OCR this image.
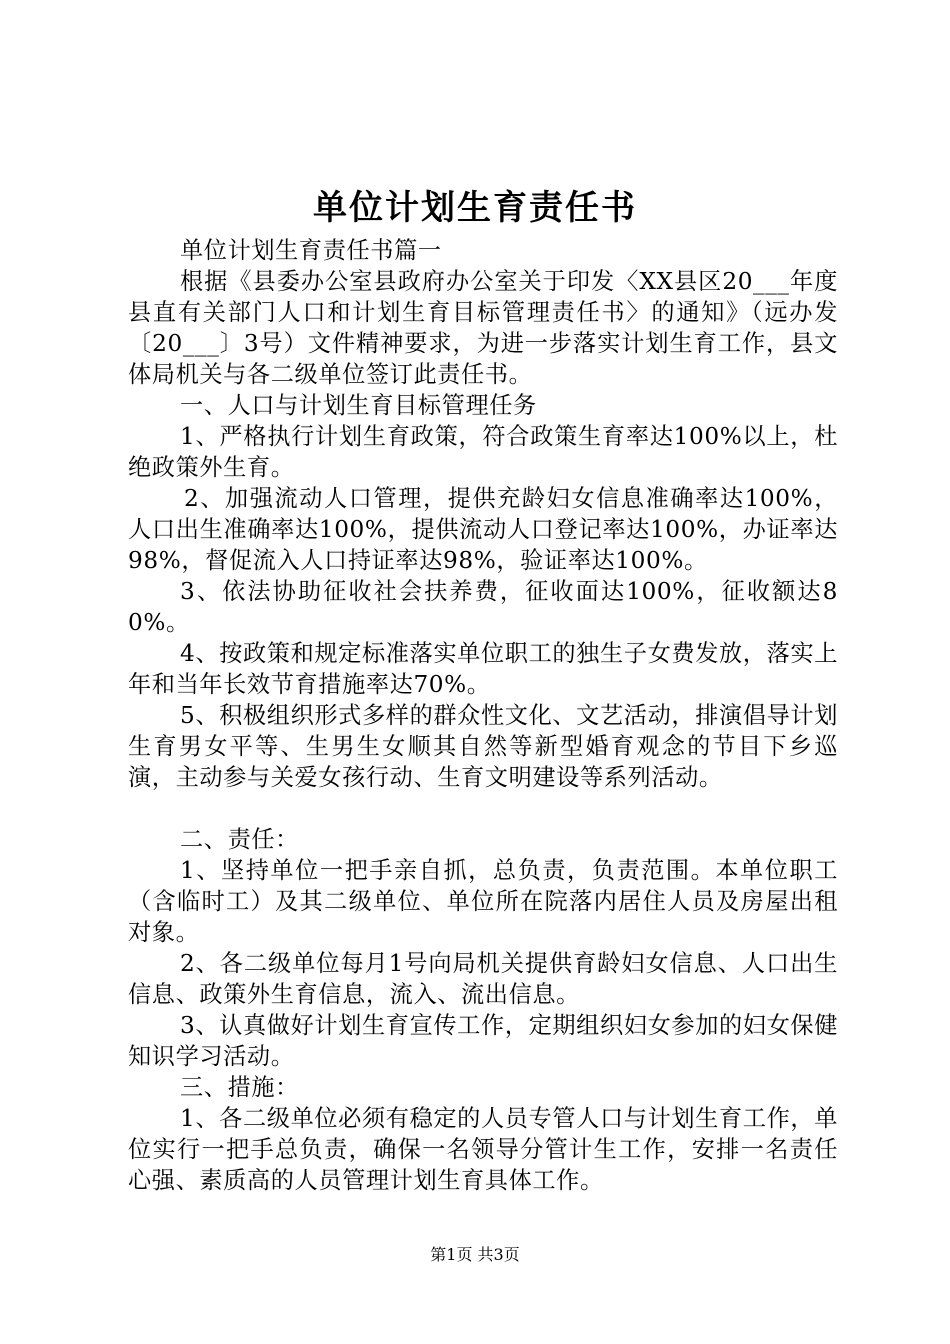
单位计划生育责任书

单位计划生育责任书篇一

根据《县委办公室县政府办公室关于印发〈XX县区20___年度县直有关部门人口和计划生育目标管理责任书〉的通知》（远办发〔20___〕3号）文件精神要求，为进一步落实计划生育工作，县文体局机关与各二级单位签订此责任书。

一、人口与计划生育目标管理任务

1、严格执行计划生育政策，符合政策生育率达100%以上，杜绝政策外生育。

2、加强流动人口管理，提供充龄妇女信息准确率达100%，人口出生准确率达100%，提供流动人口登记率达100%，办证率达98%，督促流入人口持证率达98%，验证率达100%。

3、依法协助征收社会扶养费，征收面达100%，征收额达80%。

4、按政策和规定标准落实单位职工的独生子女费发放，落实上年和当年长效节育措施率达70%。

5、积极组织形式多样的群众性文化、文艺活动，排演倡导计划生育男女平等、生男生女顺其自然等新型婚育观念的节目下乡巡演，主动参与关爱女孩行动、生育文明建设等系列活动。

二、责任：

1、坚持单位一把手亲自抓，总负责，负责范围。本单位职工（含临时工）及其二级单位、单位所在院落内居住人员及房屋出租对象。

2、各二级单位每月1号向局机关提供育龄妇女信息、人口出生信息、政策外生育信息，流入、流出信息。

3、认真做好计划生育宣传工作，定期组织妇女参加的妇女保健知识学习活动。

三、措施：

1、各二级单位必须有稳定的人员专管人口与计划生育工作，单位实行一把手总负责，确保一名领导分管计生工作，安排一名责任心强、素质高的人员管理计划生育具体工作。

第1页 共3页
